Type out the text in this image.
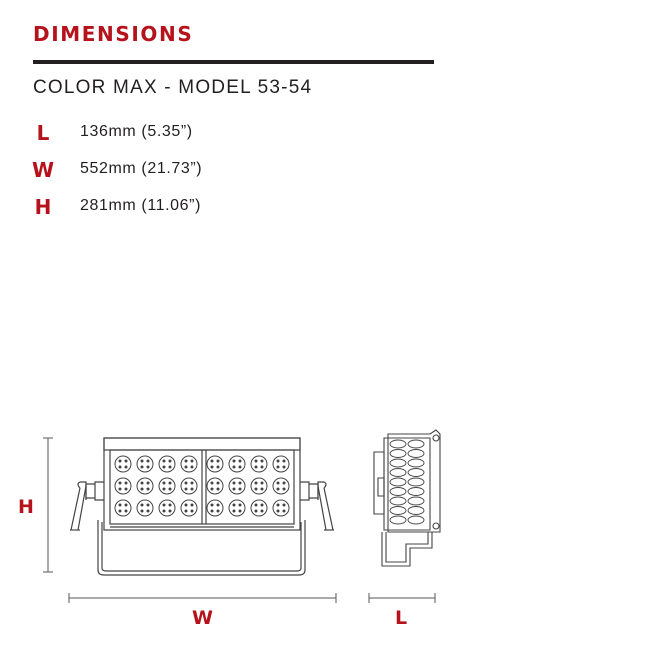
DIMENSIONS
COLOR MAX - MODEL 53-54
L	136mm (5.35”)
W 552mm (21.73”)
H 281mm (11.06”)
H
W	L
